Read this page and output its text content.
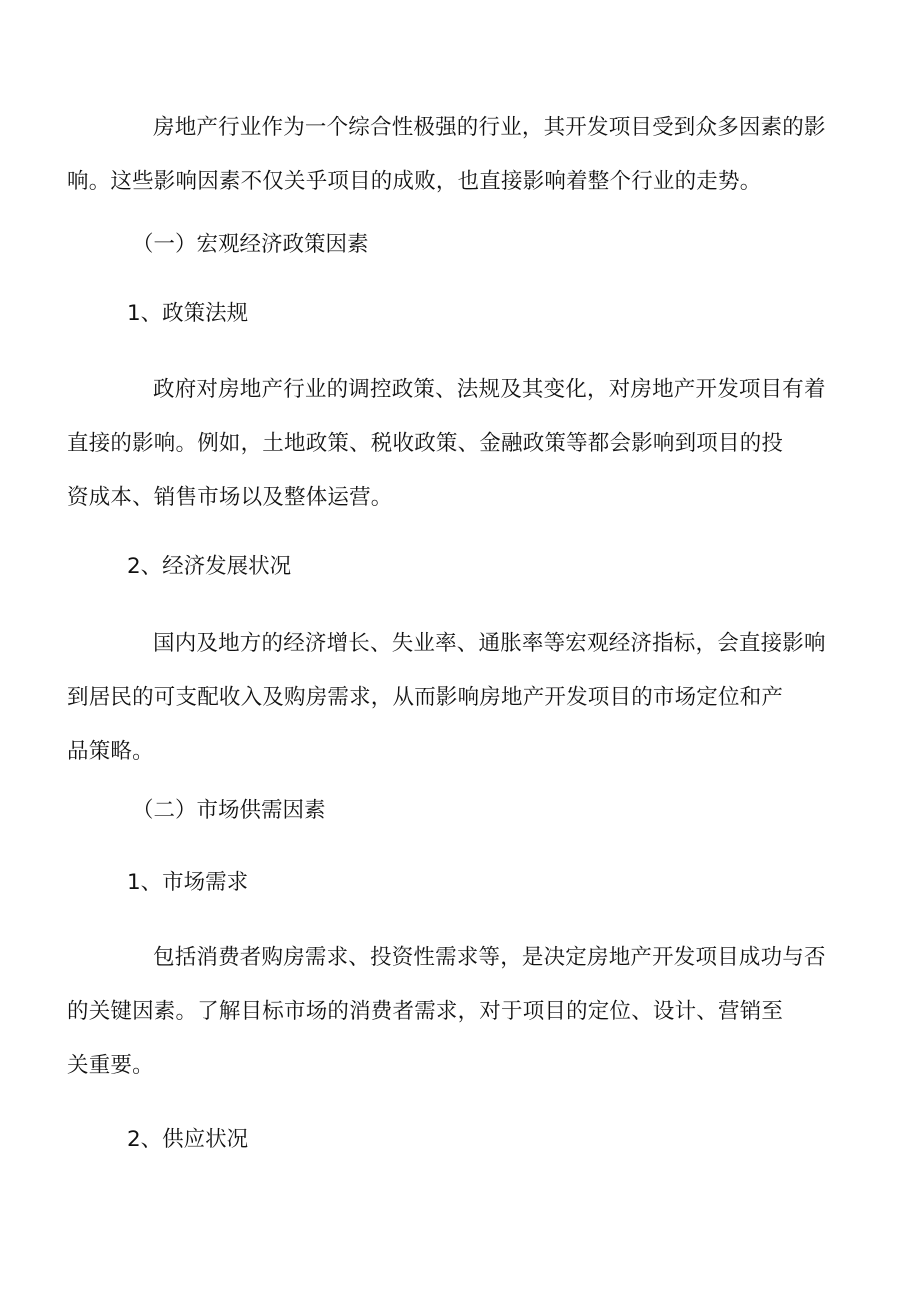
房地产行业作为一个综合性极强的行业，其开发项目受到众多因素的影
响。这些影响因素不仅关乎项目的成败，也直接影响着整个行业的走势。
（一）宏观经济政策因素
1、政策法规
政府对房地产行业的调控政策、法规及其变化，对房地产开发项目有着
直接的影响。例如，土地政策、税收政策、金融政策等都会影响到项目的投
资成本、销售市场以及整体运营。
2、经济发展状况
国内及地方的经济增长、失业率、通胀率等宏观经济指标，会直接影响
到居民的可支配收入及购房需求，从而影响房地产开发项目的市场定位和产
品策略。
（二）市场供需因素
1、市场需求
包括消费者购房需求、投资性需求等，是决定房地产开发项目成功与否
的关键因素。了解目标市场的消费者需求，对于项目的定位、设计、营销至
关重要。
2、供应状况
